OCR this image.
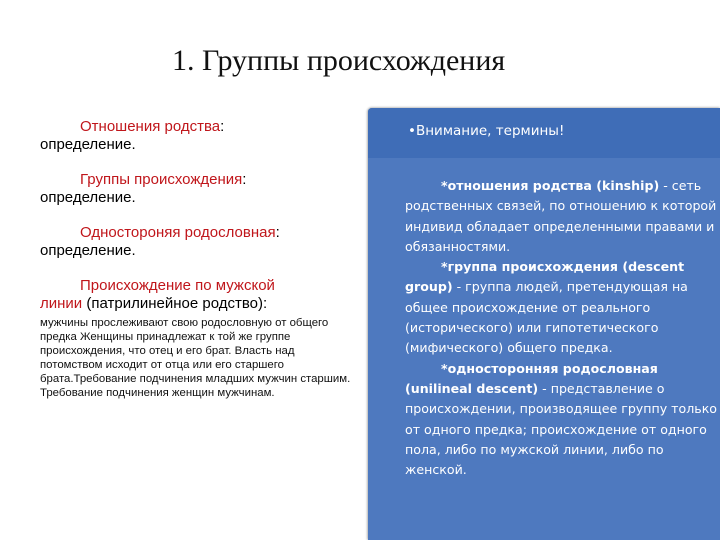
1. Группы происхождения
Отношения родства:
определение.
Группы происхождения:
определение.
Одностороняя родословная:
определение.
Происхождение по мужской
линии (патрилинейное родство):
мужчины прослеживают свою родословную от общего предка Женщины принадлежат к той же группе происхождения, что отец и его брат. Власть над потомством исходит от отца или его старшего брата.Требование подчинения младших мужчин старшим. Требование подчинения женщин мужчинам.
•Внимание, термины!
*отношения родства (kinship) - сеть родственных связей, по отношению к которой индивид обладает определенными правами и обязанностями.
*группа происхождения (descent group) - группа людей, претендующая на общее происхождение от реального (исторического) или гипотетического (мифического) общего предка.
*односторонняя родословная (unilineal descent) - представление о происхождении, производящее группу только от одного предка; происхождение от одного пола, либо по мужской линии, либо по женской.
